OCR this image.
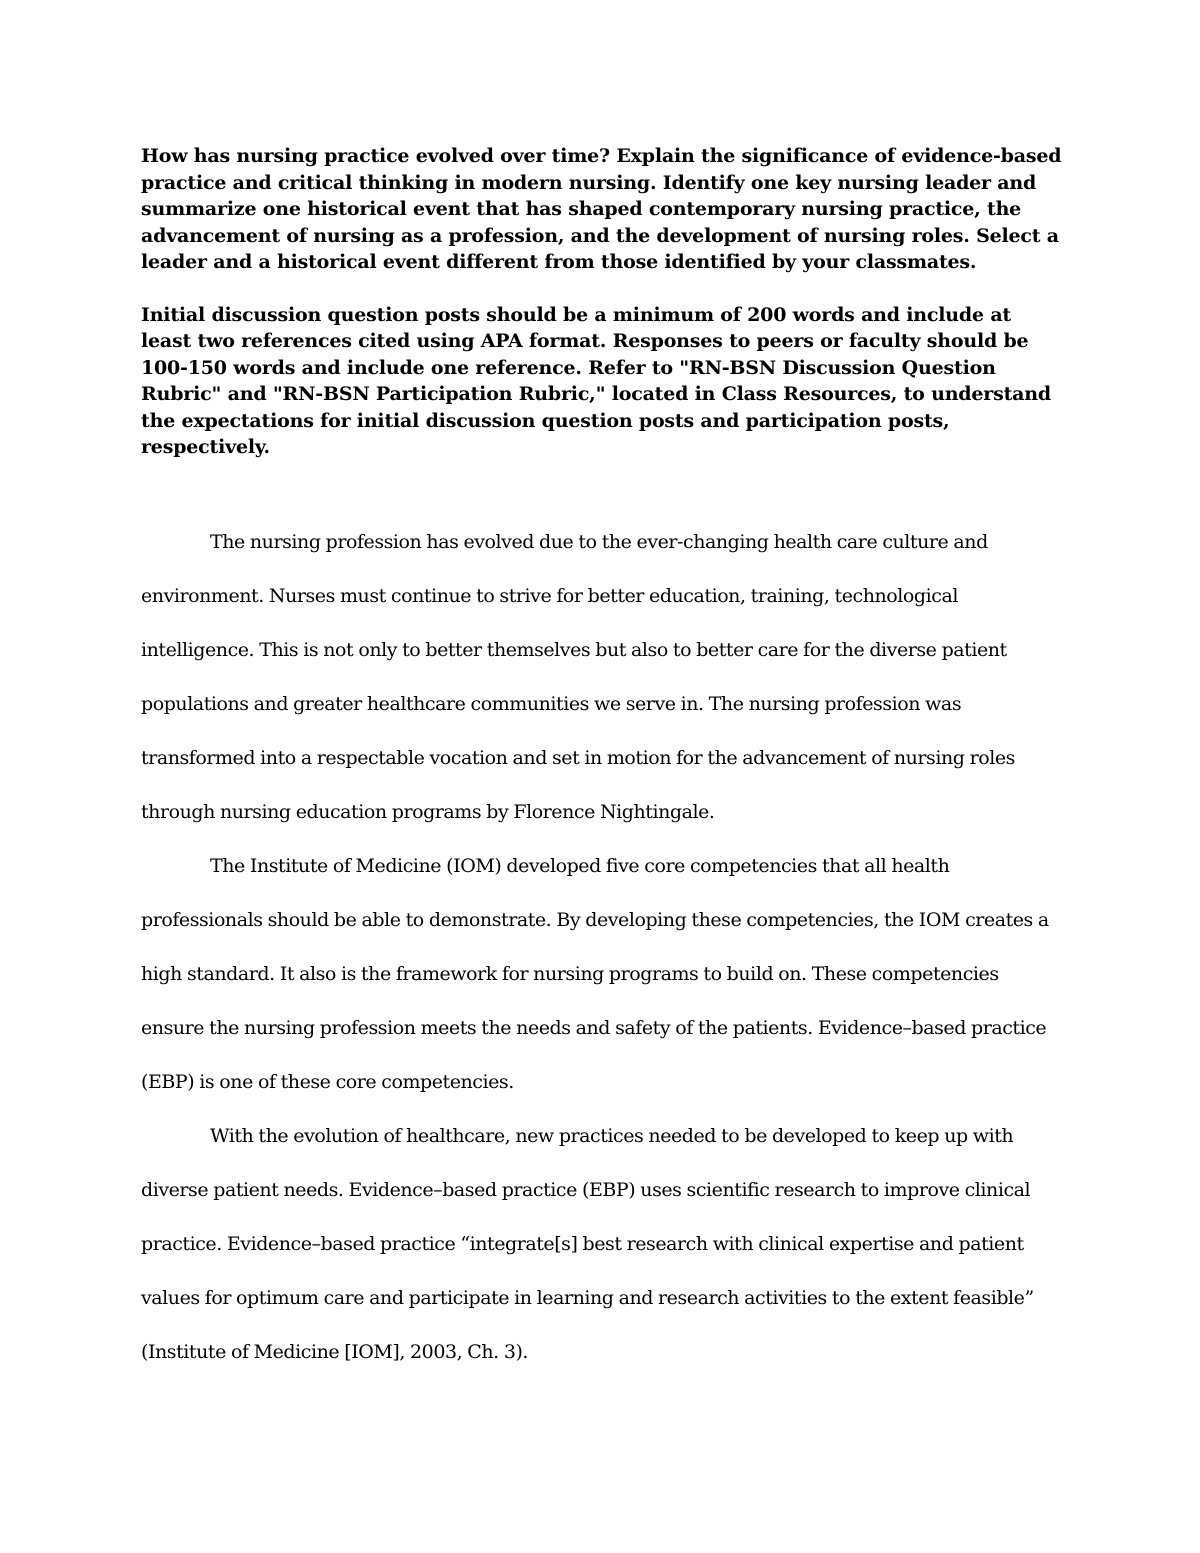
How has nursing practice evolved over time? Explain the significance of evidence-based practice and critical thinking in modern nursing. Identify one key nursing leader and summarize one historical event that has shaped contemporary nursing practice, the advancement of nursing as a profession, and the development of nursing roles. Select a leader and a historical event different from those identified by your classmates.

Initial discussion question posts should be a minimum of 200 words and include at least two references cited using APA format. Responses to peers or faculty should be 100-150 words and include one reference. Refer to "RN-BSN Discussion Question Rubric" and "RN-BSN Participation Rubric," located in Class Resources, to understand the expectations for initial discussion question posts and participation posts, respectively.

The nursing profession has evolved due to the ever-changing health care culture and environment. Nurses must continue to strive for better education, training, technological intelligence. This is not only to better themselves but also to better care for the diverse patient populations and greater healthcare communities we serve in. The nursing profession was transformed into a respectable vocation and set in motion for the advancement of nursing roles through nursing education programs by Florence Nightingale.

The Institute of Medicine (IOM) developed five core competencies that all health professionals should be able to demonstrate. By developing these competencies, the IOM creates a high standard. It also is the framework for nursing programs to build on. These competencies ensure the nursing profession meets the needs and safety of the patients. Evidence–based practice (EBP) is one of these core competencies.

With the evolution of healthcare, new practices needed to be developed to keep up with diverse patient needs. Evidence–based practice (EBP) uses scientific research to improve clinical practice. Evidence–based practice “integrate[s] best research with clinical expertise and patient values for optimum care and participate in learning and research activities to the extent feasible” (Institute of Medicine [IOM], 2003, Ch. 3).
